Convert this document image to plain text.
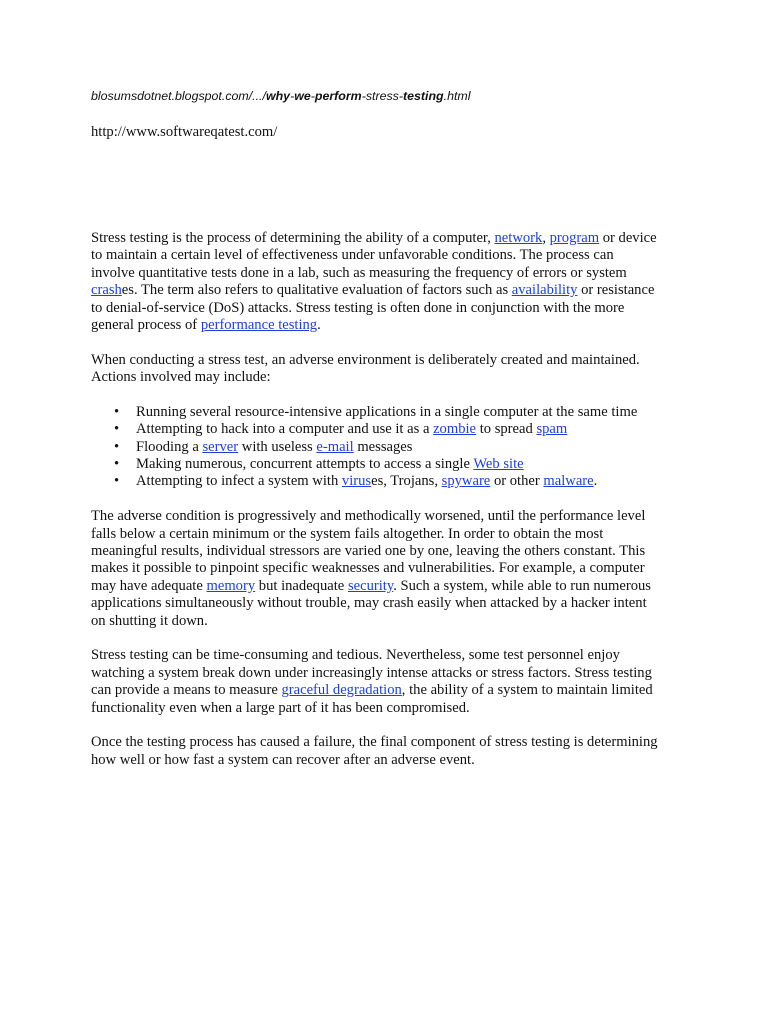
blosumsdotnet.blogspot.com/.../why-we-perform-stress-testing.html
http://www.softwareqatest.com/
Stress testing is the process of determining the ability of a computer, network, program or device
to maintain a certain level of effectiveness under unfavorable conditions. The process can
involve quantitative tests done in a lab, such as measuring the frequency of errors or system
crashes. The term also refers to qualitative evaluation of factors such as availability or resistance
to denial-of-service (DoS) attacks. Stress testing is often done in conjunction with the more
general process of performance testing.
When conducting a stress test, an adverse environment is deliberately created and maintained.
Actions involved may include:
• Running several resource-intensive applications in a single computer at the same time
• Attempting to hack into a computer and use it as a zombie to spread spam
• Flooding a server with useless e-mail messages
• Making numerous, concurrent attempts to access a single Web site
• Attempting to infect a system with viruses, Trojans, spyware or other malware.
The adverse condition is progressively and methodically worsened, until the performance level
falls below a certain minimum or the system fails altogether. In order to obtain the most
meaningful results, individual stressors are varied one by one, leaving the others constant. This
makes it possible to pinpoint specific weaknesses and vulnerabilities. For example, a computer
may have adequate memory but inadequate security. Such a system, while able to run numerous
applications simultaneously without trouble, may crash easily when attacked by a hacker intent
on shutting it down.
Stress testing can be time-consuming and tedious. Nevertheless, some test personnel enjoy
watching a system break down under increasingly intense attacks or stress factors. Stress testing
can provide a means to measure graceful degradation, the ability of a system to maintain limited
functionality even when a large part of it has been compromised.
Once the testing process has caused a failure, the final component of stress testing is determining
how well or how fast a system can recover after an adverse event.
